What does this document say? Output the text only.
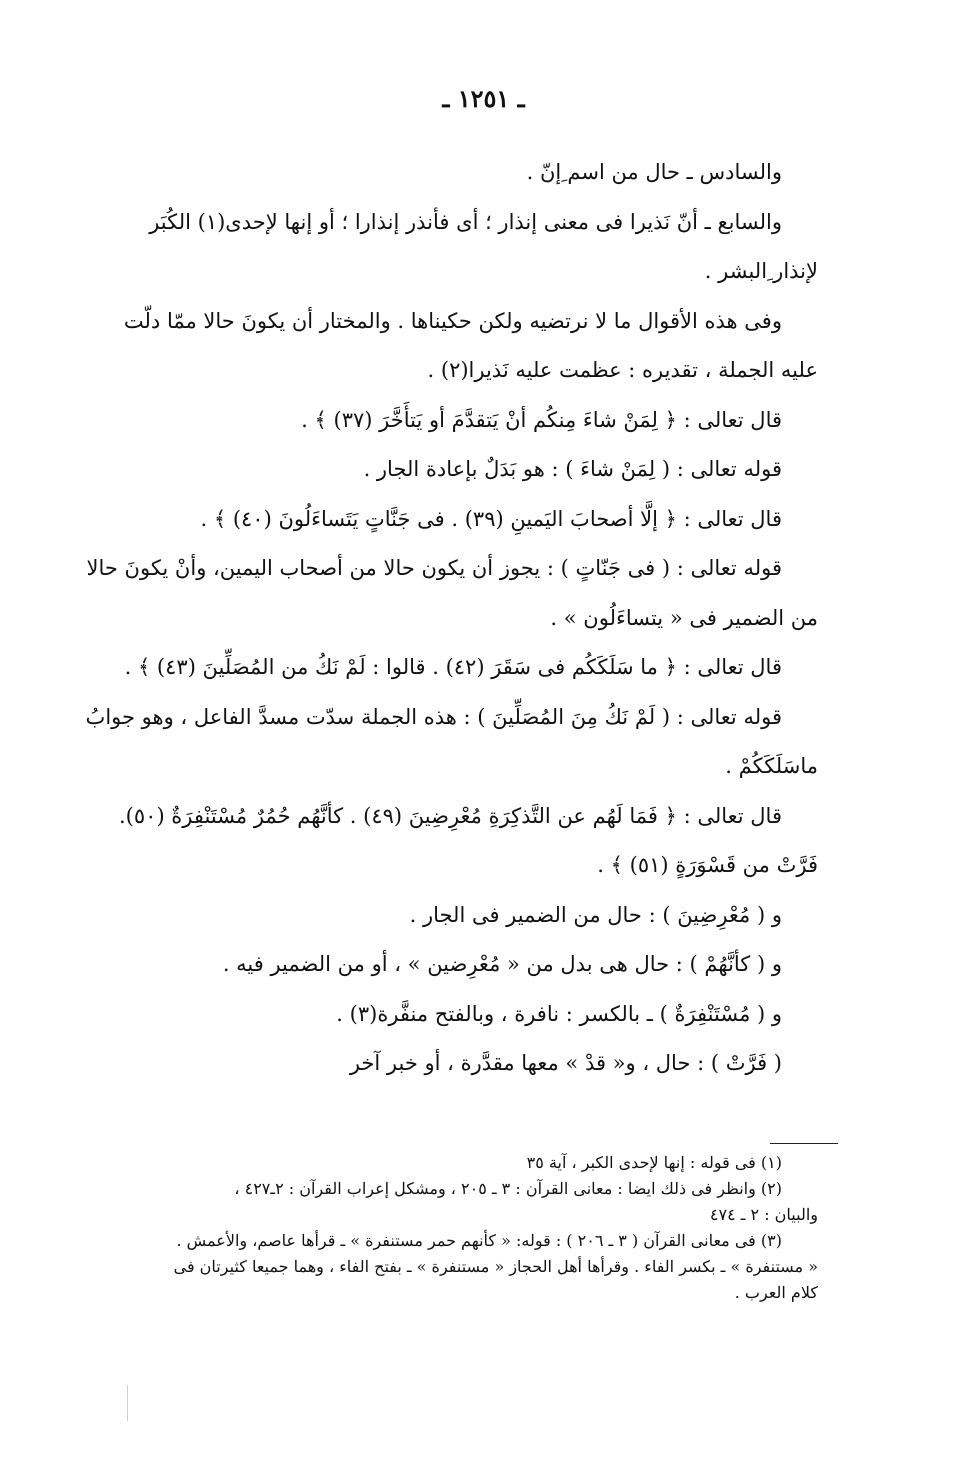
ـ ١٢٥١ ـ

والسادس ـ حال من اسم ِإنّ .

والسابع ـ أنّ نَذيرا فى معنى إنذار ؛ أى فأنذر إنذارا ؛ أو إنها لإحدى(١) الكُبَر

لإنذار ِالبشر .

وفى هذه الأقوال ما لا نرتضيه ولكن حكيناها . والمختار أن يكونَ حالا ممّا دلّت

عليه الجملة ، تقديره : عظمت عليه نَذيرا(٢) .

قال تعالى : ﴿ لِمَنْ شاءَ مِنكُم أنْ يَتقدَّمَ أو يَتأَخَّرَ (٣٧) ﴾ .

قوله تعالى : ( لِمَنْ شاءَ ) : هو بَدَلٌ بإعادة الجار .

قال تعالى : ﴿ إلَّا أصحابَ اليَمينِ (٣٩) . فى جَنَّاتٍ يَتَساءَلُونَ (٤٠) ﴾ .

قوله تعالى : ( فى جَنّاتٍ ) : يجوز أن يكون حالا من أصحاب اليمين، وأنْ يكونَ حالا

من الضمير فى « يتساءَلُون » .

قال تعالى : ﴿ ما سَلَكَكُم فى سَقَرَ (٤٢) . قالوا : لَمْ نَكُ من المُصَلِّينَ (٤٣) ﴾ .

قوله تعالى : ( لَمْ نَكُ مِنَ المُصَلِّينَ ) : هذه الجملة سدّت مسدَّ الفاعل ، وهو جوابُ

ماسَلَكَكُمْ .

قال تعالى : ﴿ فَمَا لَهُم عن التَّذكِرَةِ مُعْرِضِينَ (٤٩) . كأنَّهُم حُمُرٌ مُسْتَنْفِرَةٌ (٥٠).

فَرَّتْ من قَسْوَرَةٍ (٥١) ﴾ .

و ( مُعْرِضِينَ ) : حال من الضمير فى الجار .

و ( كأنَّهُمْ ) : حال هى بدل من « مُعْرِضين » ، أو من الضمير فيه .

و ( مُسْتَنْفِرَةٌ ) ـ بالكسر : نافرة ، وبالفتح منفَّرة(٣) .

( فَرَّتْ ) : حال ، و« قدْ » معها مقدَّرة ، أو خبر آخر

(١) فى قوله : إنها لإحدى الكبر ، آية ٣٥

(٢) وانظر فى ذلك ايضا : معانى القرآن : ٣ ـ ٢٠٥ ، ومشكل إعراب القرآن : ٢ـ٤٢٧ ،

والبيان : ٢ ـ ٤٧٤

(٣) فى معانى القرآن ( ٣ ـ ٢٠٦ ) : قوله: « كأنهم حمر مستنفرة » ـ قرأها عاصم، والأعمش .

« مستنفرة » ـ بكسر الفاء . وقرأها أهل الحجاز « مستنفرة » ـ بفتح الفاء ، وهما جميعا كثيرتان فى

كلام العرب .
